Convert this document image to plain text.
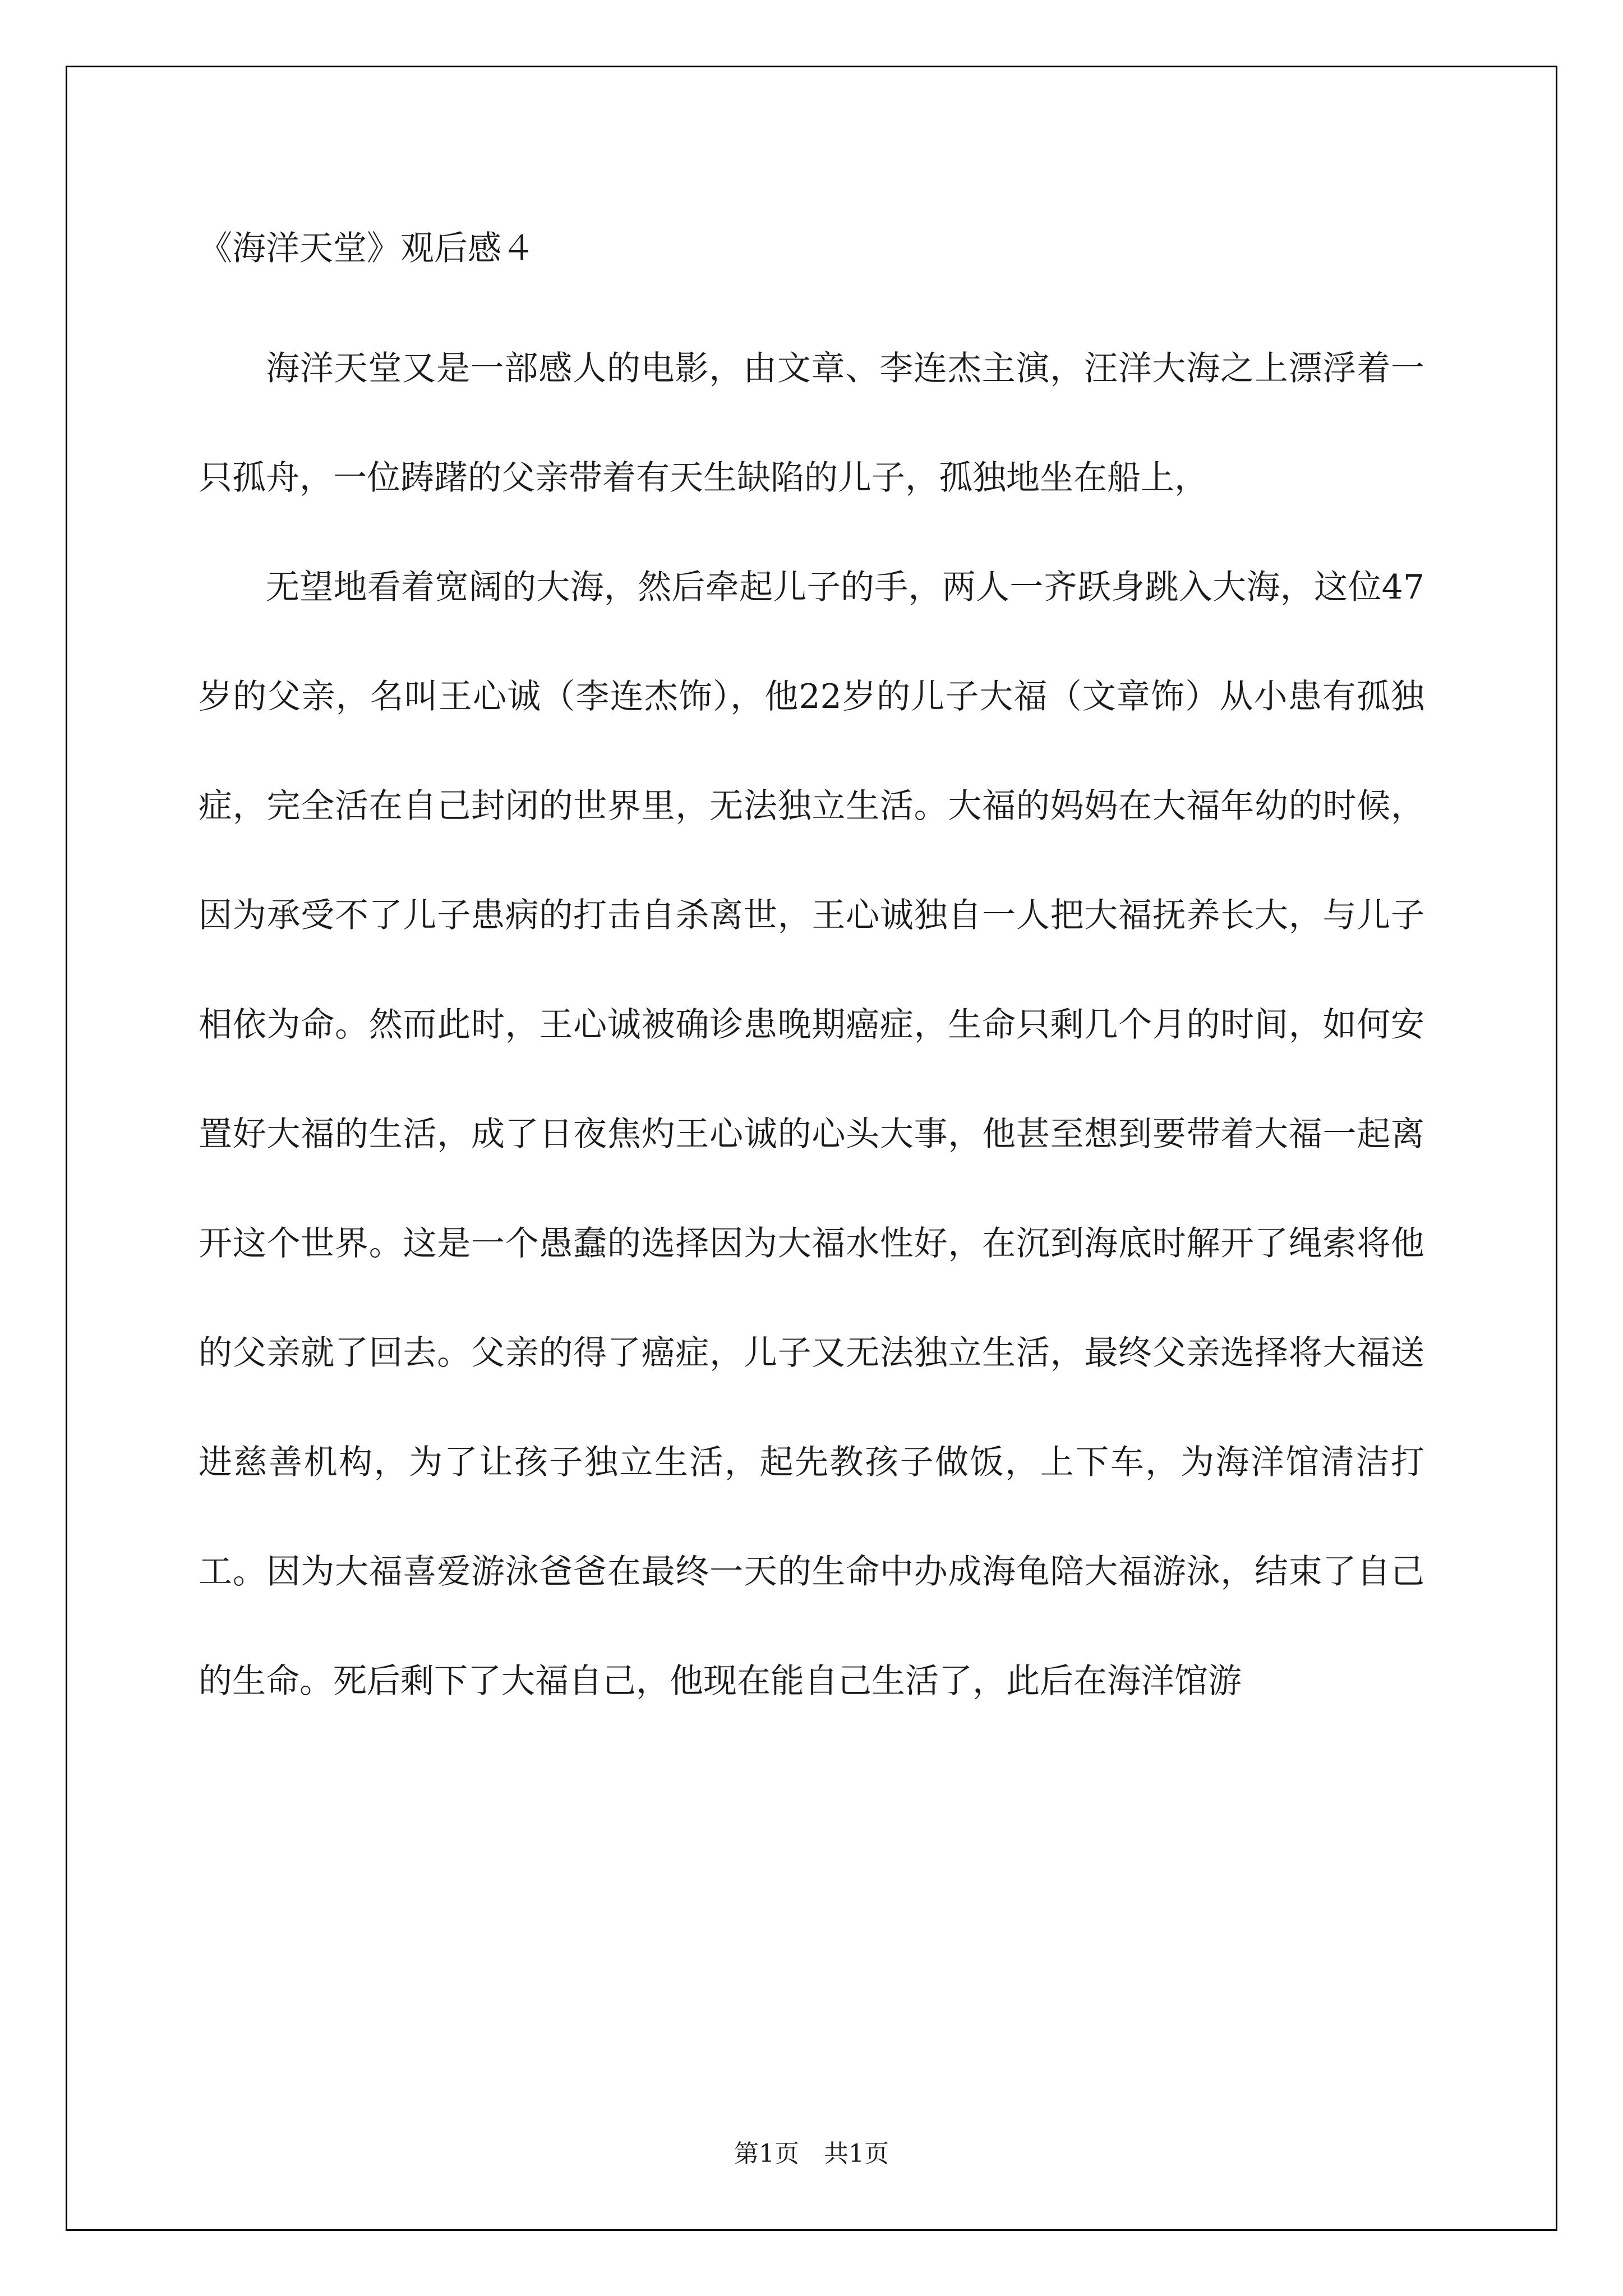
《海洋天堂》观后感４

海洋天堂又是一部感人的电影，由文章、李连杰主演，汪洋大海之上漂浮着一只孤舟，一位踌躇的父亲带着有天生缺陷的儿子，孤独地坐在船上，

无望地看着宽阔的大海，然后牵起儿子的手，两人一齐跃身跳入大海，这位47岁的父亲，名叫王心诚（李连杰饰），他22岁的儿子大福（文章饰）从小患有孤独症，完全活在自己封闭的世界里，无法独立生活。大福的妈妈在大福年幼的时候，因为承受不了儿子患病的打击自杀离世，王心诚独自一人把大福抚养长大，与儿子相依为命。然而此时，王心诚被确诊患晚期癌症，生命只剩几个月的时间，如何安置好大福的生活，成了日夜焦灼王心诚的心头大事，他甚至想到要带着大福一起离开这个世界。这是一个愚蠢的选择因为大福水性好，在沉到海底时解开了绳索将他的父亲就了回去。父亲的得了癌症，儿子又无法独立生活，最终父亲选择将大福送进慈善机构，为了让孩子独立生活，起先教孩子做饭，上下车，为海洋馆清洁打工。因为大福喜爱游泳爸爸在最终一天的生命中办成海龟陪大福游泳，结束了自己的生命。死后剩下了大福自己，他现在能自己生活了，此后在海洋馆游

第1页　共1页
